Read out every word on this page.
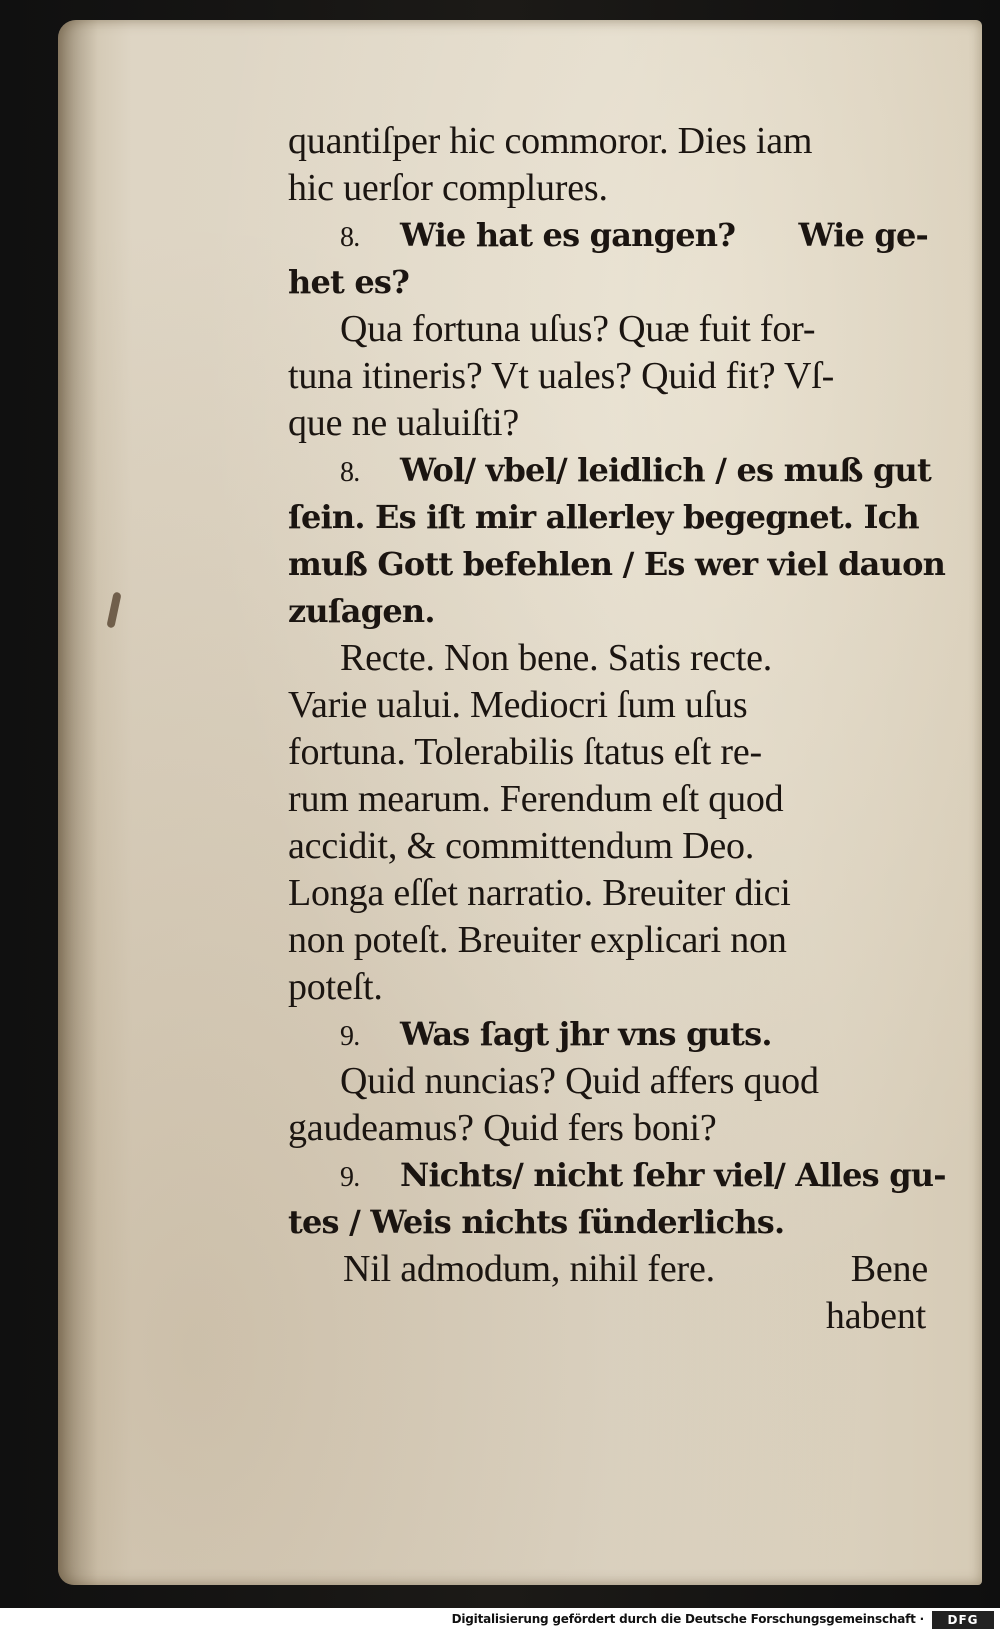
quantiſper hic commoror. Dies iam
hic uerſor complures.
8. Wie hat es gangen? Wie ge-
het es?
Qua fortuna uſus? Quæ fuit for-
tuna itineris? Vt uales? Quid fit? Vſ-
que ne ualuiſti?
8. Wol/ vbel/ leidlich / es muß gut
ſein. Es iſt mir allerley begegnet. Ich
muß Gott befehlen / Es wer viel dauon
zuſagen.
Recte. Non bene. Satis recte.
Varie ualui. Mediocri ſum uſus
fortuna. Tolerabilis ſtatus eſt re-
rum mearum. Ferendum eſt quod
accidit, & committendum Deo.
Longa eſſet narratio. Breuiter dici
non poteſt. Breuiter explicari non
poteſt.
9. Was ſagt jhr vns guts.
Quid nuncias? Quid affers quod
gaudeamus? Quid fers boni?
9. Nichts/ nicht ſehr viel/ Alles gu-
tes / Weis nichts ſünderlichs.
Nil admodum, nihil fere.	Bene
habent
Digitalisierung gefördert durch die Deutsche Forschungsgemeinschaft ·	DFG
